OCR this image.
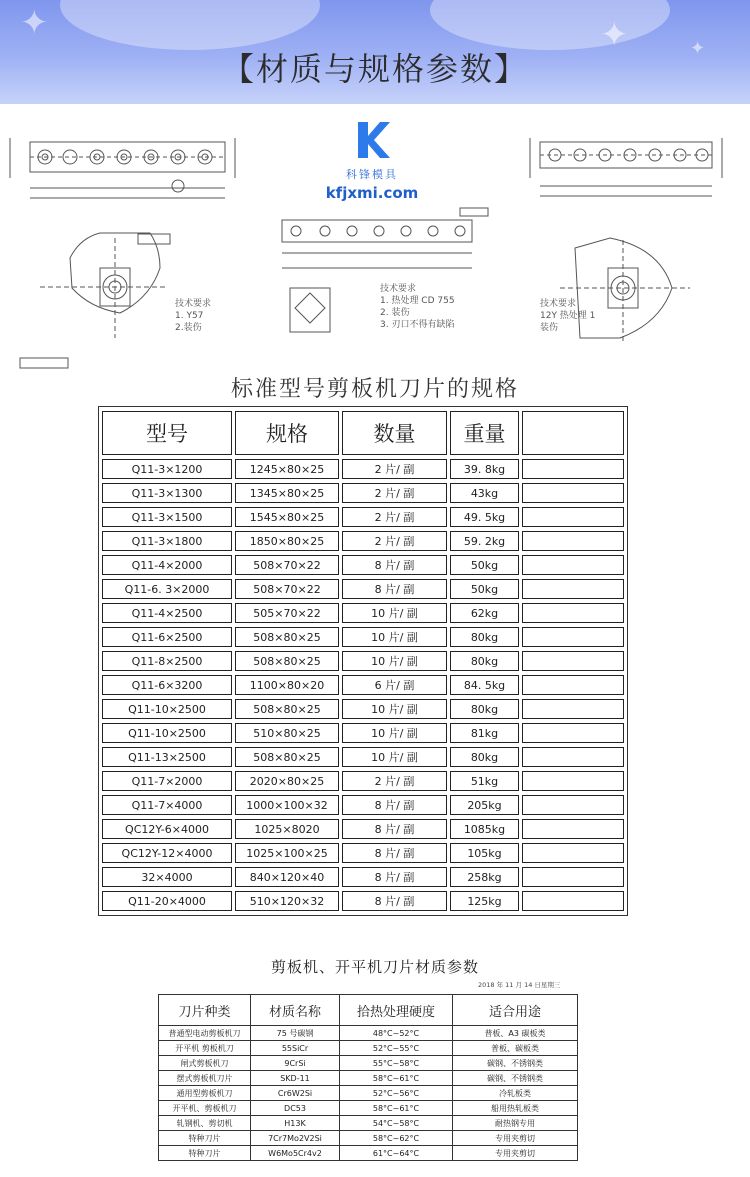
✦	✦	✦
【材质与规格参数】
技术要求
1. Y57
2.装伤
技术要求
1. 热处理 CD 755
2. 装伤
3. 刃口不得有缺陷
技术要求
12Y 热处理 1
装伤
科锋模具
kfjxmi.com
标准型号剪板机刀片的规格
型号	规格	数量	重量	
Q11-3×1200	1245×80×25	2 片/ 副	39. 8kg	
Q11-3×1300	1345×80×25	2 片/ 副	43kg	
Q11-3×1500	1545×80×25	2 片/ 副	49. 5kg	
Q11-3×1800	1850×80×25	2 片/ 副	59. 2kg	
Q11-4×2000	508×70×22	8 片/ 副	50kg	
Q11-6. 3×2000	508×70×22	8 片/ 副	50kg	
Q11-4×2500	505×70×22	10 片/ 副	62kg	
Q11-6×2500	508×80×25	10 片/ 副	80kg	
Q11-8×2500	508×80×25	10 片/ 副	80kg	
Q11-6×3200	1100×80×20	6 片/ 副	84. 5kg	
Q11-10×2500	508×80×25	10 片/ 副	80kg	
Q11-10×2500	510×80×25	10 片/ 副	81kg	
Q11-13×2500	508×80×25	10 片/ 副	80kg	
Q11-7×2000	2020×80×25	2 片/ 副	51kg	
Q11-7×4000	1000×100×32	8 片/ 副	205kg	
QC12Y-6×4000	1025×8020	8 片/ 副	1085kg	
QC12Y-12×4000	1025×100×25	8 片/ 副	105kg	
32×4000	840×120×40	8 片/ 副	258kg	
Q11-20×4000	510×120×32	8 片/ 副	125kg	
剪板机、开平机刀片材质参数
2018 年 11 月 14 日星期三
刀片种类	材质名称	拾热处理硬度	适合用途
普通型电动剪板机刀	75 号碳钢	48°C~52°C	普板、A3 碳板类
开平机 剪板机刀	55SiCr	52°C~55°C	普板、碳板类
闸式剪板机刀	9CrSi	55°C~58°C	碳钢、不锈钢类
摆式剪板机刀片	SKD-11	58°C~61°C	碳钢、不锈钢类
通用型剪板机刀	Cr6W2Si	52°C~56°C	冷轧板类
开平机、剪板机刀	DC53	58°C~61°C	船用热轧板类
轧钢机、剪切机	H13K	54°C~58°C	耐热钢专用
特种刀片	7Cr7Mo2V2Si	58°C~62°C	专用夹剪切
特种刀片	W6Mo5Cr4v2	61°C~64°C	专用夹剪切
